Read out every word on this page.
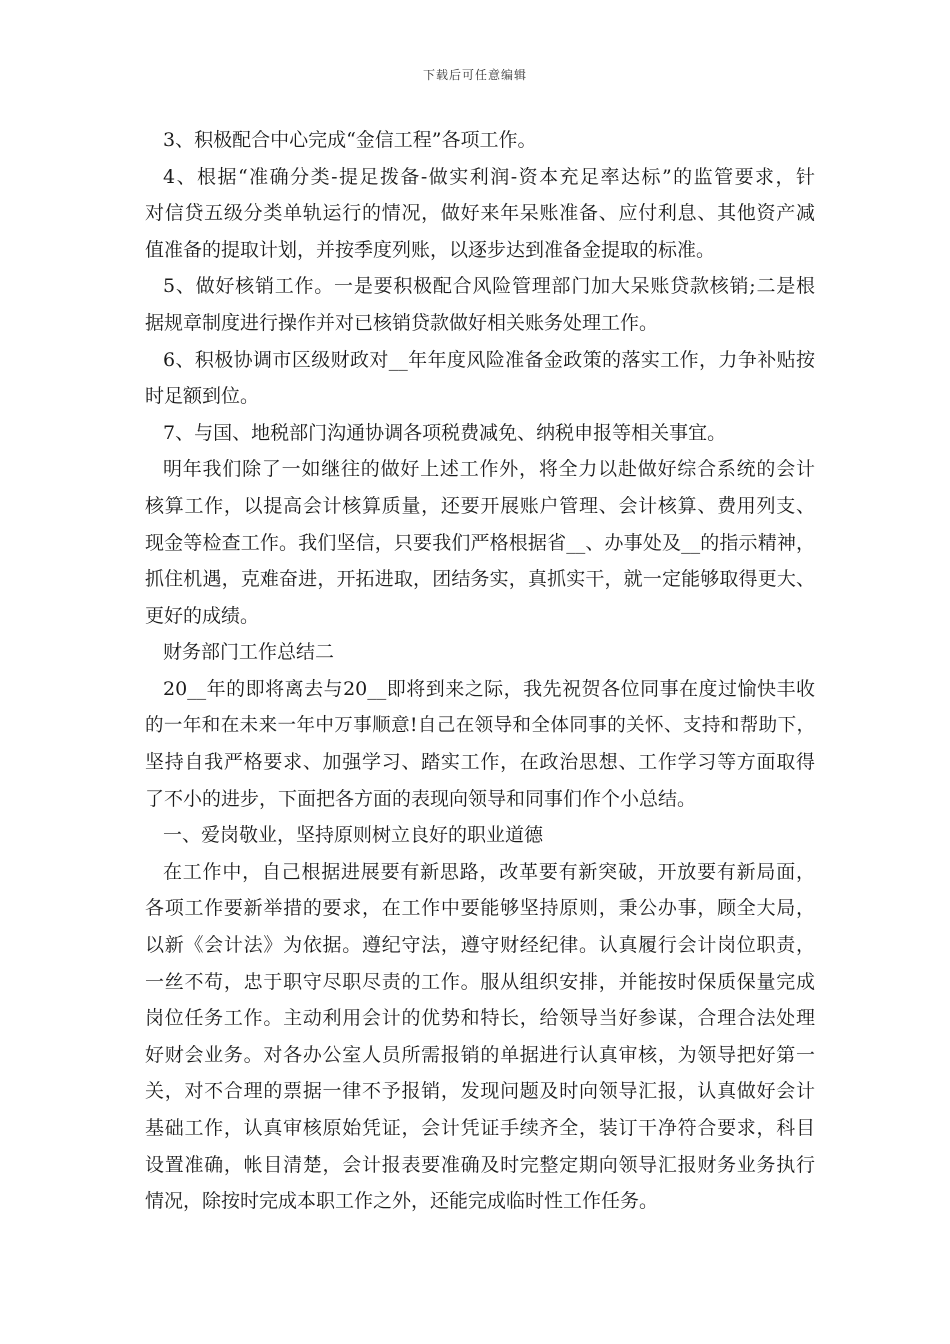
下载后可任意编辑
3、积极配合中心完成“金信工程”各项工作。
4、根据“准确分类-提足拨备-做实利润-资本充足率达标”的监管要求，针
对信贷五级分类单轨运行的情况，做好来年呆账准备、应付利息、其他资产减
值准备的提取计划，并按季度列账，以逐步达到准备金提取的标准。
5、做好核销工作。一是要积极配合风险管理部门加大呆账贷款核销;二是根
据规章制度进行操作并对已核销贷款做好相关账务处理工作。
6、积极协调市区级财政对__年年度风险准备金政策的落实工作，力争补贴按
时足额到位。
7、与国、地税部门沟通协调各项税费减免、纳税申报等相关事宜。
明年我们除了一如继往的做好上述工作外，将全力以赴做好综合系统的会计
核算工作，以提高会计核算质量，还要开展账户管理、会计核算、费用列支、
现金等检查工作。我们坚信，只要我们严格根据省__、办事处及__的指示精神，
抓住机遇，克难奋进，开拓进取，团结务实，真抓实干，就一定能够取得更大、
更好的成绩。
财务部门工作总结二
20__年的即将离去与20__即将到来之际，我先祝贺各位同事在度过愉快丰收
的一年和在未来一年中万事顺意!自己在领导和全体同事的关怀、支持和帮助下，
坚持自我严格要求、加强学习、踏实工作，在政治思想、工作学习等方面取得
了不小的进步，下面把各方面的表现向领导和同事们作个小总结。
一、爱岗敬业，坚持原则树立良好的职业道德
在工作中，自己根据进展要有新思路，改革要有新突破，开放要有新局面，
各项工作要新举措的要求，在工作中要能够坚持原则，秉公办事，顾全大局，
以新《会计法》为依据。遵纪守法，遵守财经纪律。认真履行会计岗位职责，
一丝不苟，忠于职守尽职尽责的工作。服从组织安排，并能按时保质保量完成
岗位任务工作。主动利用会计的优势和特长，给领导当好参谋，合理合法处理
好财会业务。对各办公室人员所需报销的单据进行认真审核，为领导把好第一
关，对不合理的票据一律不予报销，发现问题及时向领导汇报，认真做好会计
基础工作，认真审核原始凭证，会计凭证手续齐全，装订干净符合要求，科目
设置准确，帐目清楚，会计报表要准确及时完整定期向领导汇报财务业务执行
情况，除按时完成本职工作之外，还能完成临时性工作任务。
